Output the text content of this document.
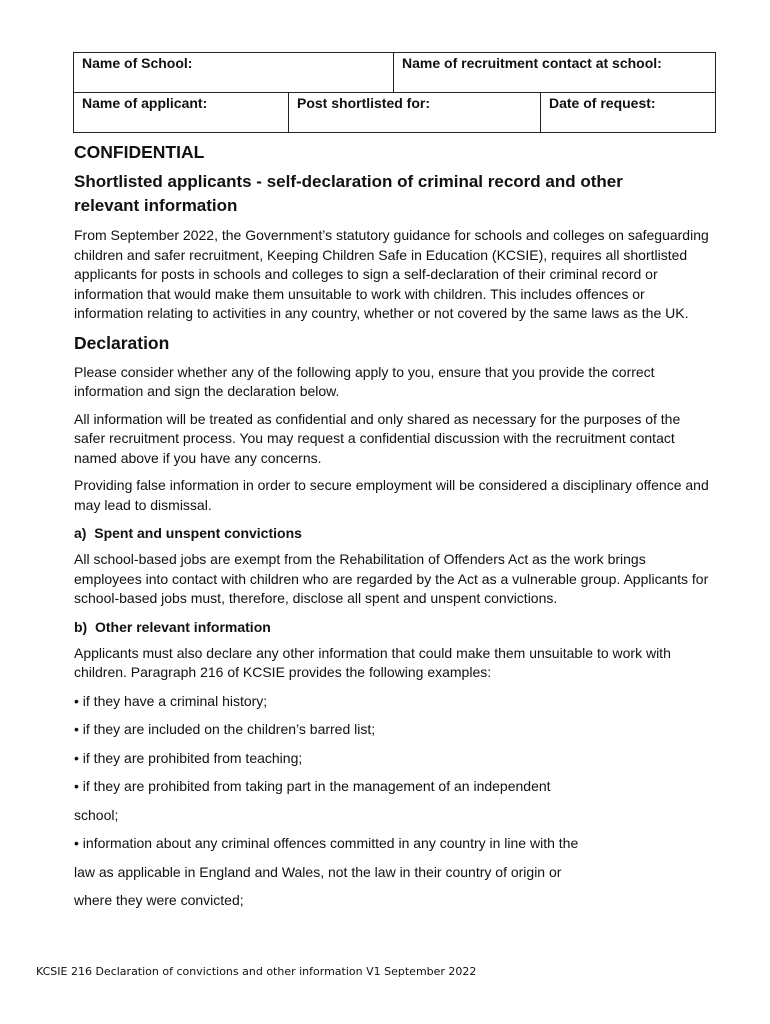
Name of School:		Name of recruitment contact at school:	
Name of applicant:	Post shortlisted for:		Date of request:
CONFIDENTIAL
Shortlisted applicants - self-declaration of criminal record and other
relevant information

From September 2022, the Government’s statutory guidance for schools and colleges on safeguarding children and safer recruitment, Keeping Children Safe in Education (KCSIE), requires all shortlisted applicants for posts in schools and colleges to sign a self-declaration of their criminal record or information that would make them unsuitable to work with children. This includes offences or information relating to activities in any country, whether or not covered by the same laws as the UK.

Declaration

Please consider whether any of the following apply to you, ensure that you provide the correct information and sign the declaration below.

All information will be treated as confidential and only shared as necessary for the purposes of the safer recruitment process. You may request a confidential discussion with the recruitment contact named above if you have any concerns.

Providing false information in order to secure employment will be considered a disciplinary offence and may lead to dismissal.

a)  Spent and unspent convictions

All school-based jobs are exempt from the Rehabilitation of Offenders Act as the work brings employees into contact with children who are regarded by the Act as a vulnerable group. Applicants for school-based jobs must, therefore, disclose all spent and unspent convictions.

b)  Other relevant information

Applicants must also declare any other information that could make them unsuitable to work with children. Paragraph 216 of KCSIE provides the following examples:

• if they have a criminal history;
• if they are included on the children’s barred list;
• if they are prohibited from teaching;
• if they are prohibited from taking part in the management of an independent
school;
• information about any criminal offences committed in any country in line with the
law as applicable in England and Wales, not the law in their country of origin or
where they were convicted;
KCSIE 216 Declaration of convictions and other information V1 September 2022
